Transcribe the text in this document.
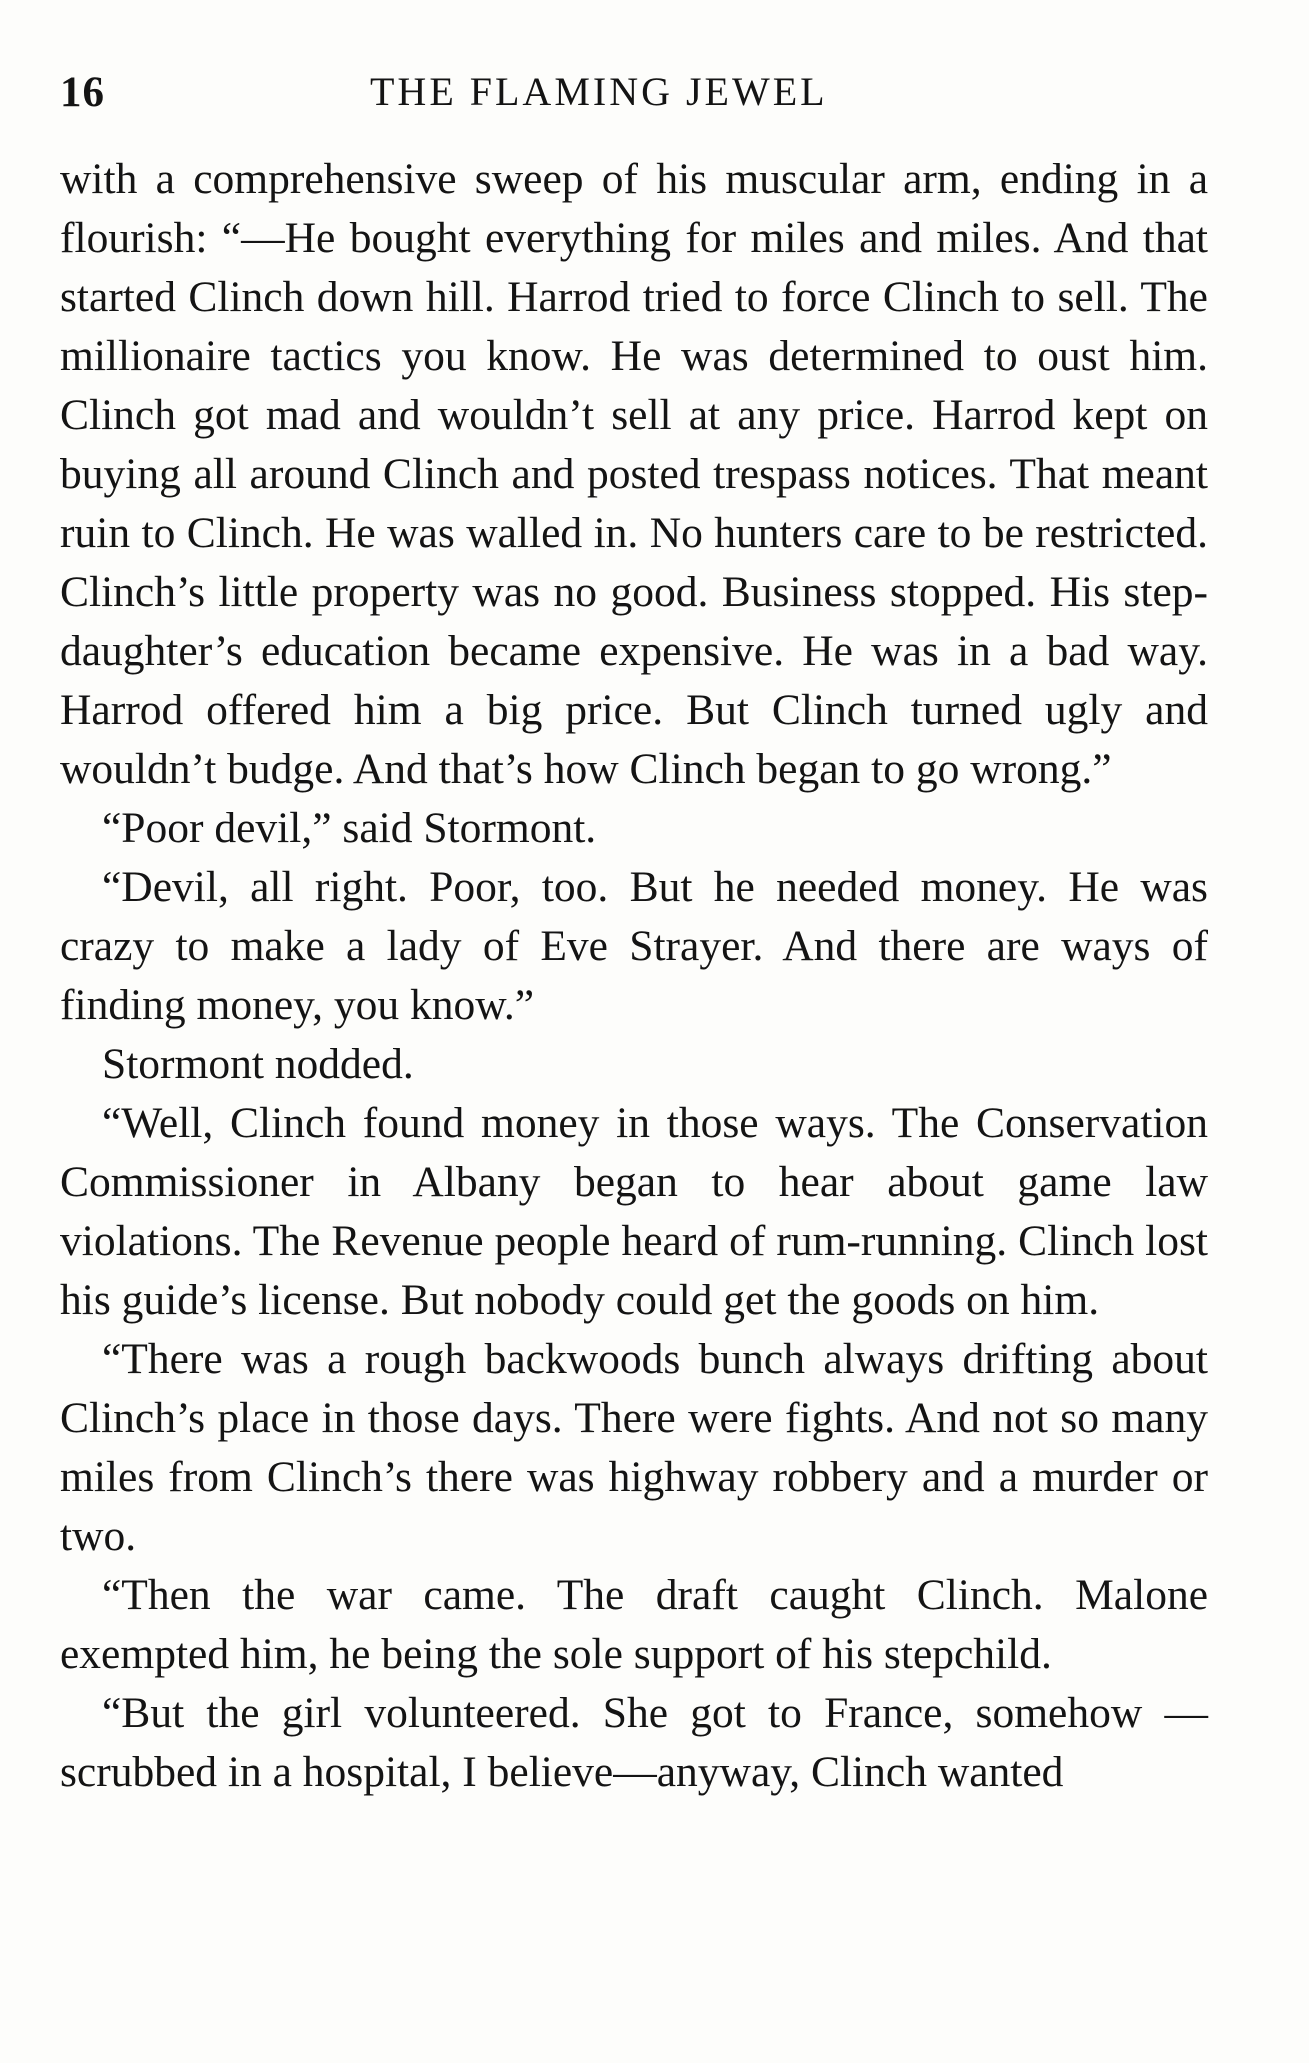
16	THE FLAMING JEWEL

with a comprehensive sweep of his muscular arm, ending in a flourish: “—He bought everything for miles and miles. And that started Clinch down hill. Harrod tried to force Clinch to sell. The millionaire tactics you know. He was determined to oust him. Clinch got mad and wouldn’t sell at any price. Harrod kept on buying all around Clinch and posted trespass notices. That meant ruin to Clinch. He was walled in. No hunters care to be restricted. Clinch’s little property was no good. Business stopped. His step-daughter’s education became expensive. He was in a bad way. Harrod offered him a big price. But Clinch turned ugly and wouldn’t budge. And that’s how Clinch began to go wrong.”

“Poor devil,” said Stormont.

“Devil, all right. Poor, too. But he needed money. He was crazy to make a lady of Eve Strayer. And there are ways of finding money, you know.”

Stormont nodded.

“Well, Clinch found money in those ways. The Conservation Commissioner in Albany began to hear about game law violations. The Revenue people heard of rum-running. Clinch lost his guide’s license. But nobody could get the goods on him.

“There was a rough backwoods bunch always drifting about Clinch’s place in those days. There were fights. And not so many miles from Clinch’s there was highway robbery and a murder or two.

“Then the war came. The draft caught Clinch. Malone exempted him, he being the sole support of his stepchild.

“But the girl volunteered. She got to France, somehow —scrubbed in a hospital, I believe—anyway, Clinch wanted
